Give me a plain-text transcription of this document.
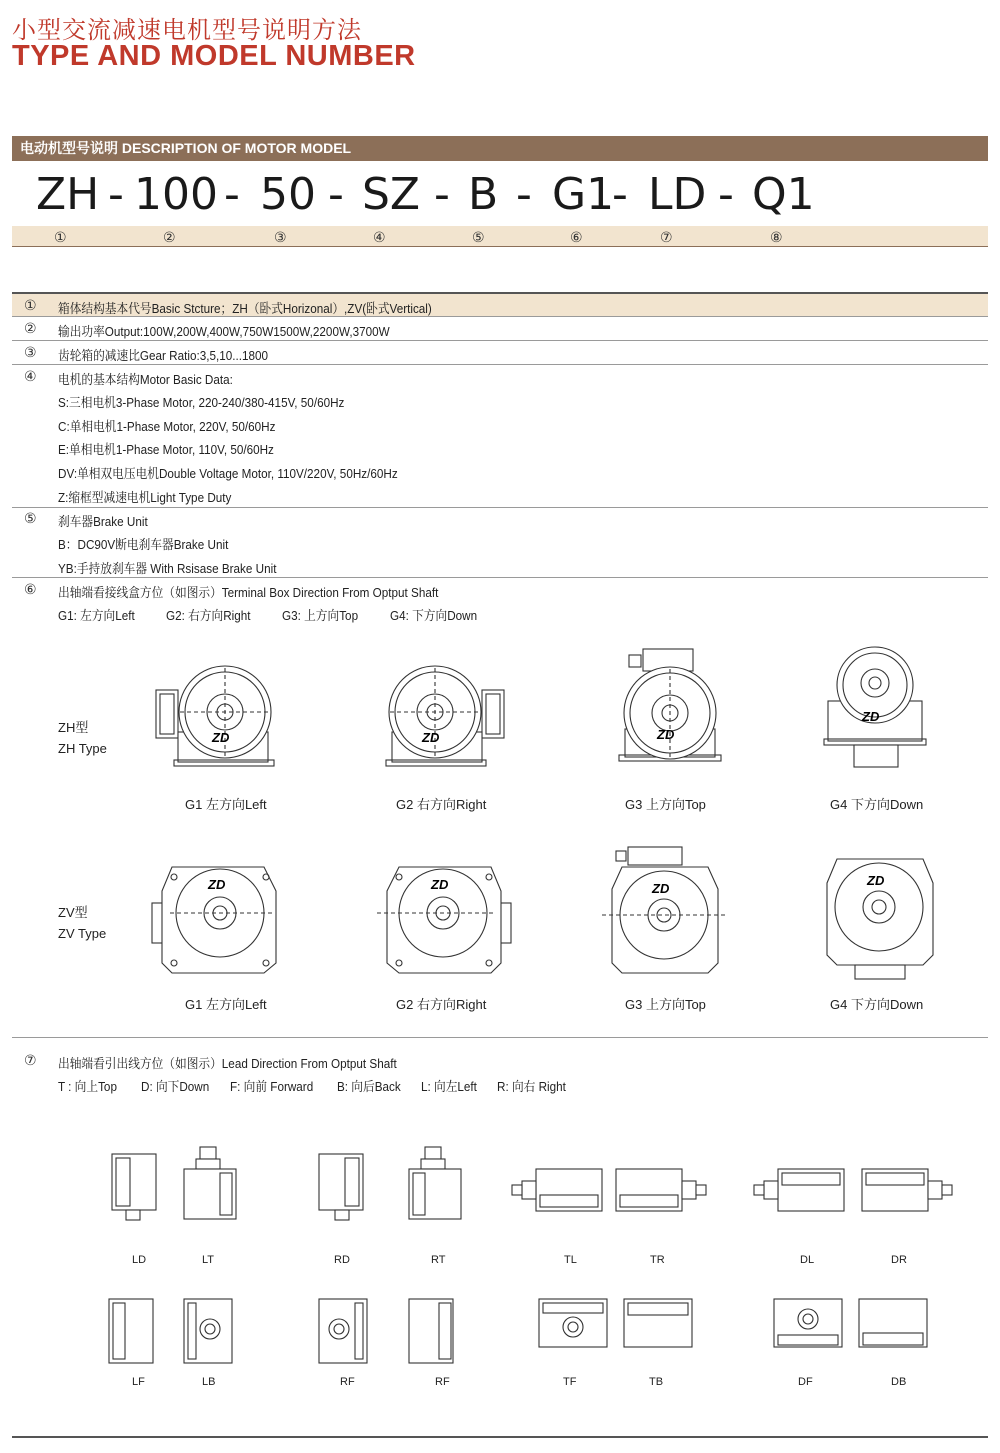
小型交流减速电机型号说明方法
TYPE AND MODEL NUMBER
电动机型号说明 DESCRIPTION OF MOTOR MODEL
ZH - 100 - 50 - SZ - B - G1
- LD - Q1
①	②	③	④	⑤	⑥	⑦	⑧
① 箱体结构基本代号Basic Stcture；ZH（卧式Horizonal）,ZV(卧式Vertical)
② 输出功率Output:100W,200W,400W,750W1500W,2200W,3700W
③ 齿轮箱的减速比Gear Ratio:3,5,10...1800
④ 电机的基本结构Motor Basic Data:
S:三相电机3-Phase Motor, 220-240/380-415V, 50/60Hz
C:单相电机1-Phase Motor, 220V, 50/60Hz
E:单相电机1-Phase Motor, 110V, 50/60Hz
DV:单相双电压电机Double Voltage Motor, 110V/220V, 50Hz/60Hz
Z:缩框型减速电机Light Type Duty
⑤ 刹车器Brake Unit
B：DC90V断电刹车器Brake Unit
YB:手持放刹车器 With Rsisase Brake Unit
⑥ 出轴端看接线盒方位（如图示）Terminal Box Direction From Optput Shaft
G1: 左方向Left G2: 右方向Right G3: 上方向Top G4: 下方向Down
ZH型
ZH Type
ZD	ZD	ZD
ZD
G1 左方向Left	G2 右方向Right	G3 上方向Top	G4 下方向Down
ZV型
ZV Type
ZD	ZD	ZD
ZD
G1 左方向Left	G2 右方向Right	G3 上方向Top	G4 下方向Down
⑦ 出轴端看引出线方位（如图示）Lead Direction From Optput Shaft
T : 向上Top D: 向下Down F: 向前 Forward B: 向后Back L: 向左Left R: 向右 Right
LD	LT	RD	RT	TL	TR	DL	DR
LF	LB	RF	RF	TF	TB	DF	DB
